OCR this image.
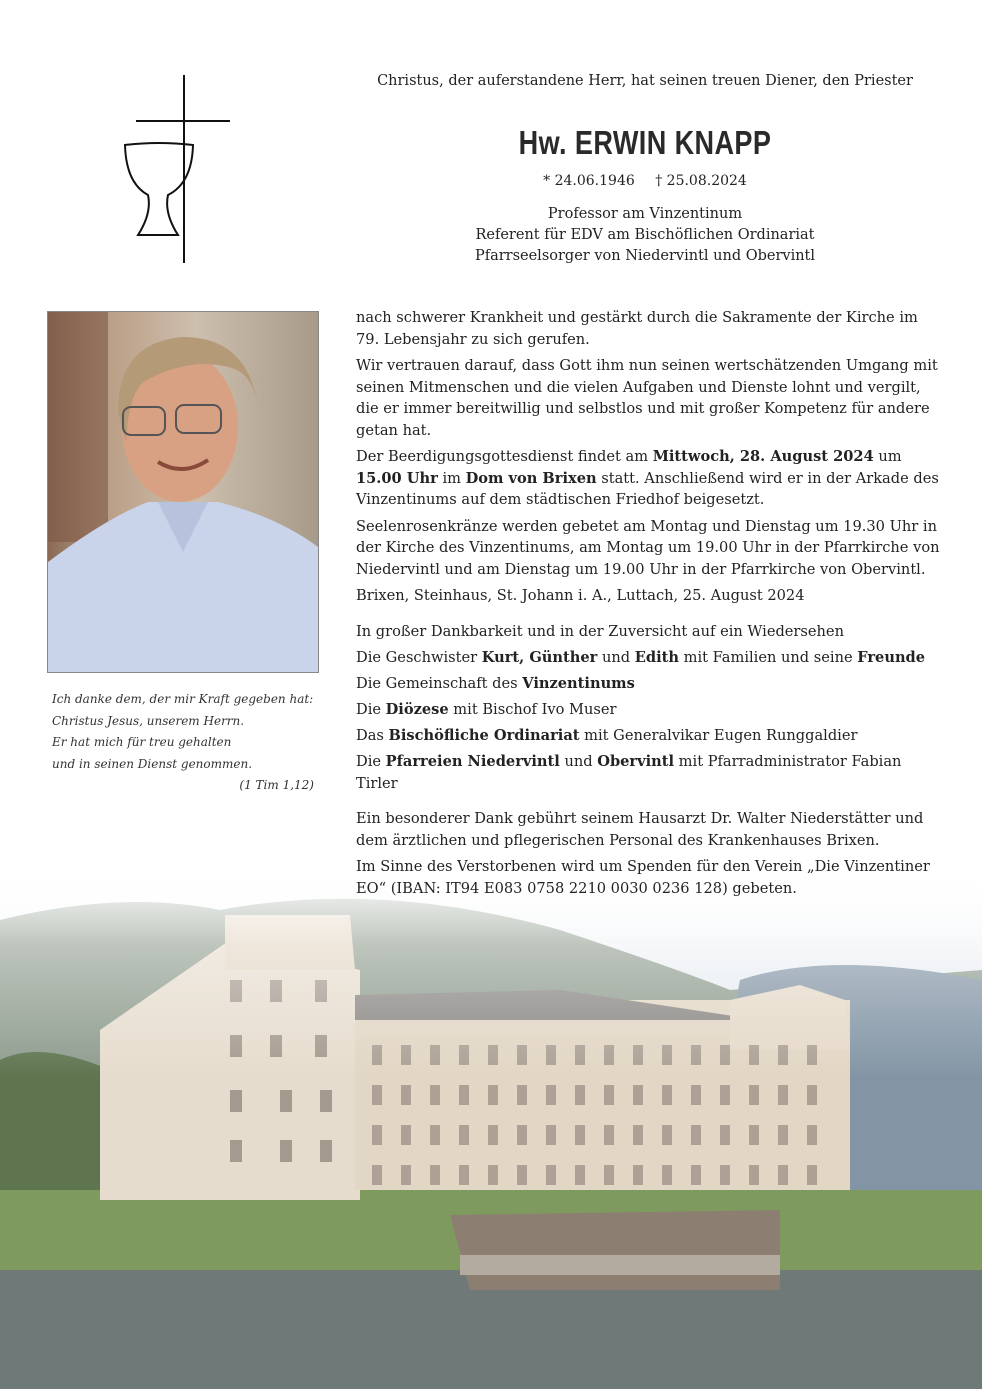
Christus, der auferstandene Herr, hat seinen treuen Diener, den Priester
Hw. ERWIN KNAPP
* 24.06.1946 † 25.08.2024
Professor am Vinzentinum
Referent für EDV am Bischöflichen Ordinariat
Pfarrseelsorger von Niedervintl und Obervintl
Ich danke dem, der mir Kraft gegeben hat:
Christus Jesus, unserem Herrn.
Er hat mich für treu gehalten
und in seinen Dienst genommen.
(1 Tim 1,12)

nach schwerer Krankheit und gestärkt durch die Sakramente der Kirche im 79. Lebensjahr zu sich gerufen.

Wir vertrauen darauf, dass Gott ihm nun seinen wertschätzenden Umgang mit seinen Mitmenschen und die vielen Aufgaben und Dienste lohnt und vergilt, die er immer bereitwillig und selbstlos und mit großer Kompetenz für andere getan hat.

Der Beerdigungsgottesdienst findet am Mittwoch, 28. August 2024 um 15.00 Uhr im Dom von Brixen statt. Anschließend wird er in der Arkade des Vinzentinums auf dem städtischen Friedhof beigesetzt.

Seelenrosenkränze werden gebetet am Montag und Dienstag um 19.30 Uhr in der Kirche des Vinzentinums, am Montag um 19.00 Uhr in der Pfarrkirche von Niedervintl und am Dienstag um 19.00 Uhr in der Pfarrkirche von Obervintl.

Brixen, Steinhaus, St. Johann i. A., Luttach, 25. August 2024

In großer Dankbarkeit und in der Zuversicht auf ein Wiedersehen

Die Geschwister Kurt, Günther und Edith mit Familien und seine Freunde

Die Gemeinschaft des Vinzentinums

Die Diözese mit Bischof Ivo Muser

Das Bischöfliche Ordinariat mit Generalvikar Eugen Runggaldier

Die Pfarreien Niedervintl und Obervintl mit Pfarradministrator Fabian Tirler

Ein besonderer Dank gebührt seinem Hausarzt Dr. Walter Niederstätter und dem ärztlichen und pflegerischen Personal des Krankenhauses Brixen.

Im Sinne des Verstorbenen wird um Spenden für den Verein „Die Vinzentiner EO“ (IBAN: IT94 E083 0758 2210 0030 0236 128) gebeten.
